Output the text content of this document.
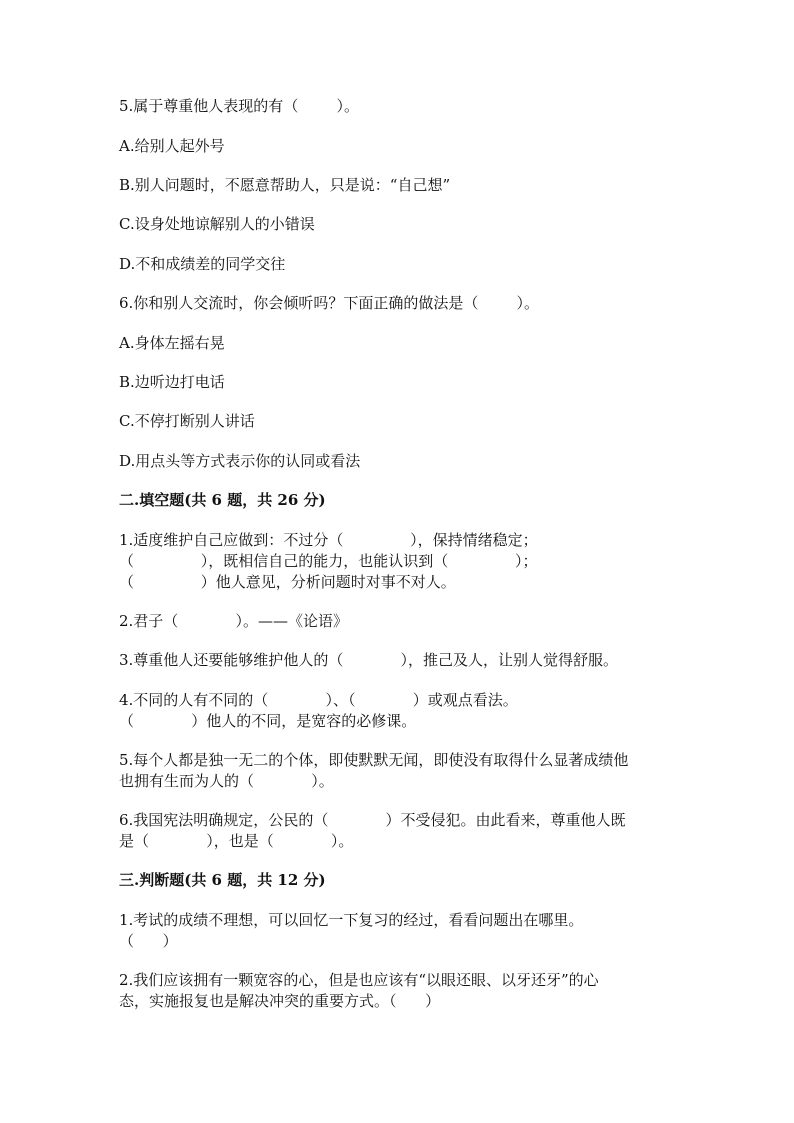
5.属于尊重他人表现的有（        ）。
A.给别人起外号
B.别人问题时，不愿意帮助人，只是说：“自己想”
C.设身处地谅解别人的小错误
D.不和成绩差的同学交往
6.你和别人交流时，你会倾听吗？下面正确的做法是（        ）。
A.身体左摇右晃
B.边听边打电话
C.不停打断别人讲话
D.用点头等方式表示你的认同或看法
二.填空题(共 6 题，共 26 分)
1.适度维护自己应做到：不过分（              ），保持情绪稳定；
（              ），既相信自己的能力，也能认识到（              ）；
（              ）他人意见，分析问题时对事不对人。
2.君子（            ）。——《论语》
3.尊重他人还要能够维护他人的（            ），推己及人，让别人觉得舒服。
4.不同的人有不同的（            ）、（            ）或观点看法。
（            ）他人的不同，是宽容的必修课。
5.每个人都是独一无二的个体，即使默默无闻，即使没有取得什么显著成绩他
也拥有生而为人的（            ）。
6.我国宪法明确规定，公民的（            ）不受侵犯。由此看来，尊重他人既
是（            ），也是（            ）。
三.判断题(共 6 题，共 12 分)
1.考试的成绩不理想，可以回忆一下复习的经过，看看问题出在哪里。
（      ）
2.我们应该拥有一颗宽容的心，但是也应该有“以眼还眼、以牙还牙”的心
态，实施报复也是解决冲突的重要方式。（      ）
